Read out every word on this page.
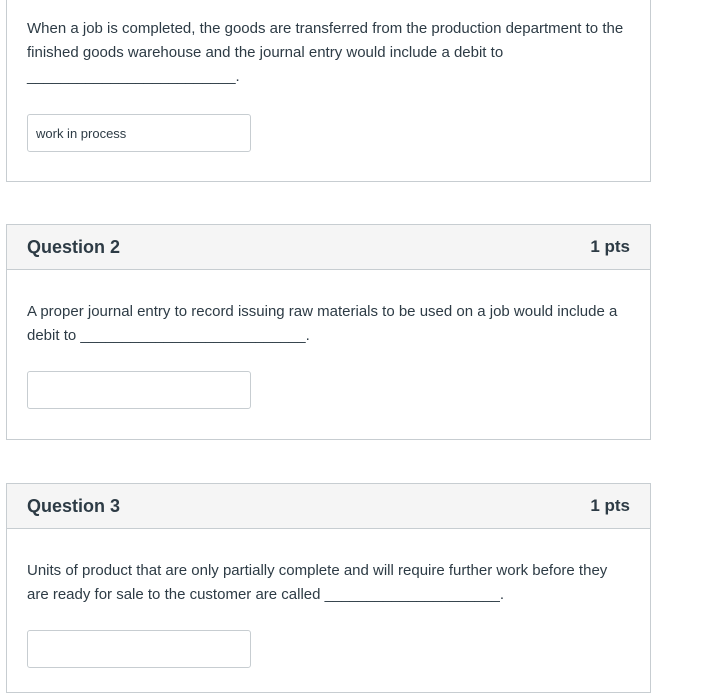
When a job is completed, the goods are transferred from the production department to the finished goods warehouse and the journal entry would include a debit to _________________________.
work in process
Question 2	1 pts
A proper journal entry to record issuing raw materials to be used on a job would include a debit to ___________________________.
Question 3	1 pts
Units of product that are only partially complete and will require further work before they are ready for sale to the customer are called _____________________.
